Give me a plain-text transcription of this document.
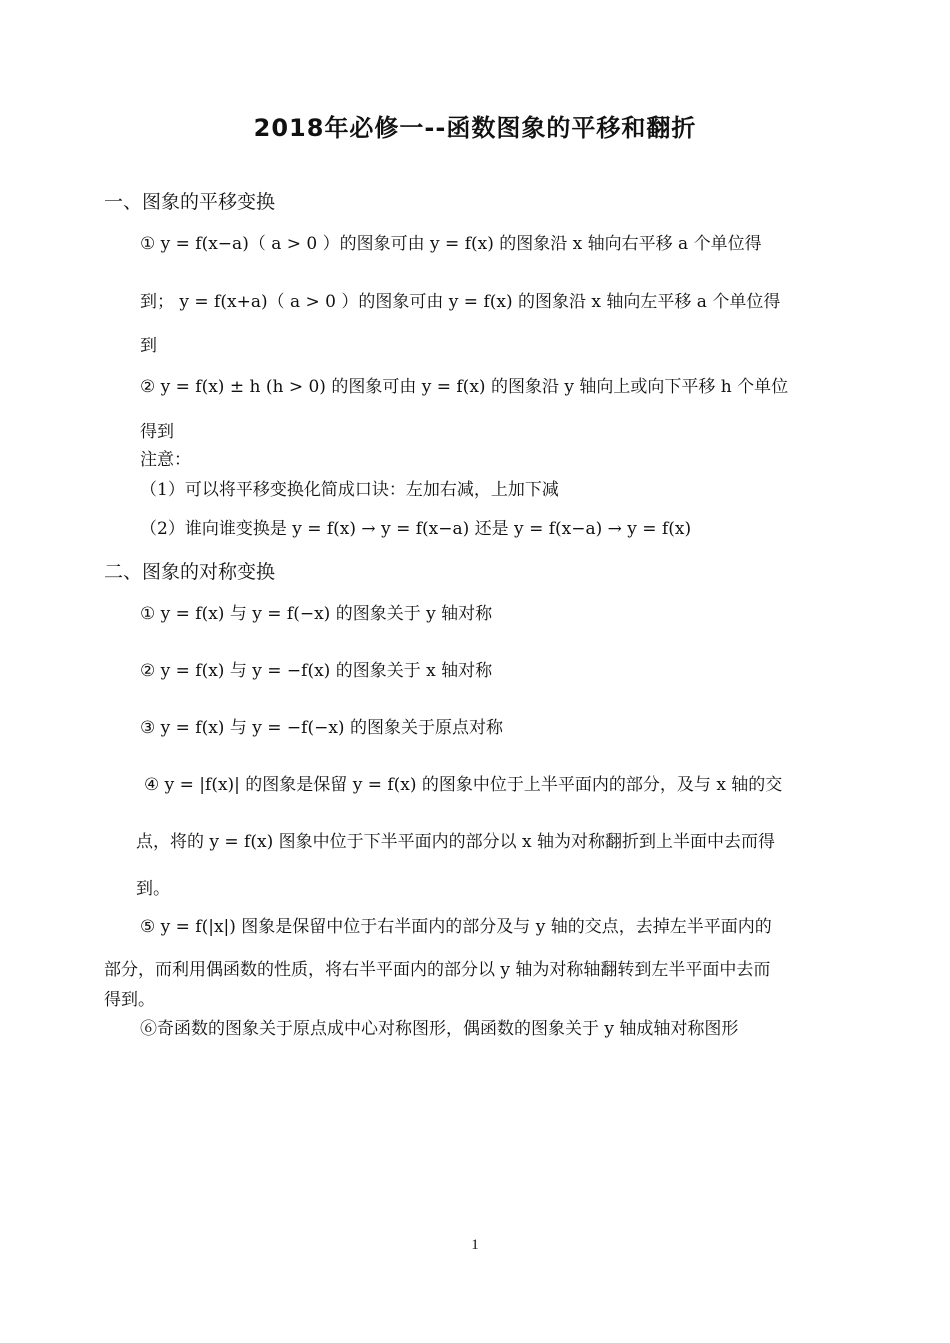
2018年必修一--函数图象的平移和翻折
一、图象的平移变换
① y = f(x−a)（ a > 0 ）的图象可由 y = f(x) 的图象沿 x 轴向右平移 a 个单位得
到； y = f(x+a)（ a > 0 ）的图象可由 y = f(x) 的图象沿 x 轴向左平移 a 个单位得
到
② y = f(x) ± h (h > 0) 的图象可由 y = f(x) 的图象沿 y 轴向上或向下平移 h 个单位
得到
注意：
（1）可以将平移变换化简成口诀：左加右减，上加下减
（2）谁向谁变换是 y = f(x) → y = f(x−a) 还是 y = f(x−a) → y = f(x)
二、图象的对称变换
① y = f(x) 与 y = f(−x) 的图象关于 y 轴对称
② y = f(x) 与 y = −f(x) 的图象关于 x 轴对称
③ y = f(x) 与 y = −f(−x) 的图象关于原点对称
④ y = |f(x)| 的图象是保留 y = f(x) 的图象中位于上半平面内的部分，及与 x 轴的交
点，将的 y = f(x) 图象中位于下半平面内的部分以 x 轴为对称翻折到上半面中去而得
到。
⑤ y = f(|x|) 图象是保留中位于右半面内的部分及与 y 轴的交点，去掉左半平面内的
部分，而利用偶函数的性质，将右半平面内的部分以 y 轴为对称轴翻转到左半平面中去而
得到。
⑥奇函数的图象关于原点成中心对称图形，偶函数的图象关于 y 轴成轴对称图形
1
